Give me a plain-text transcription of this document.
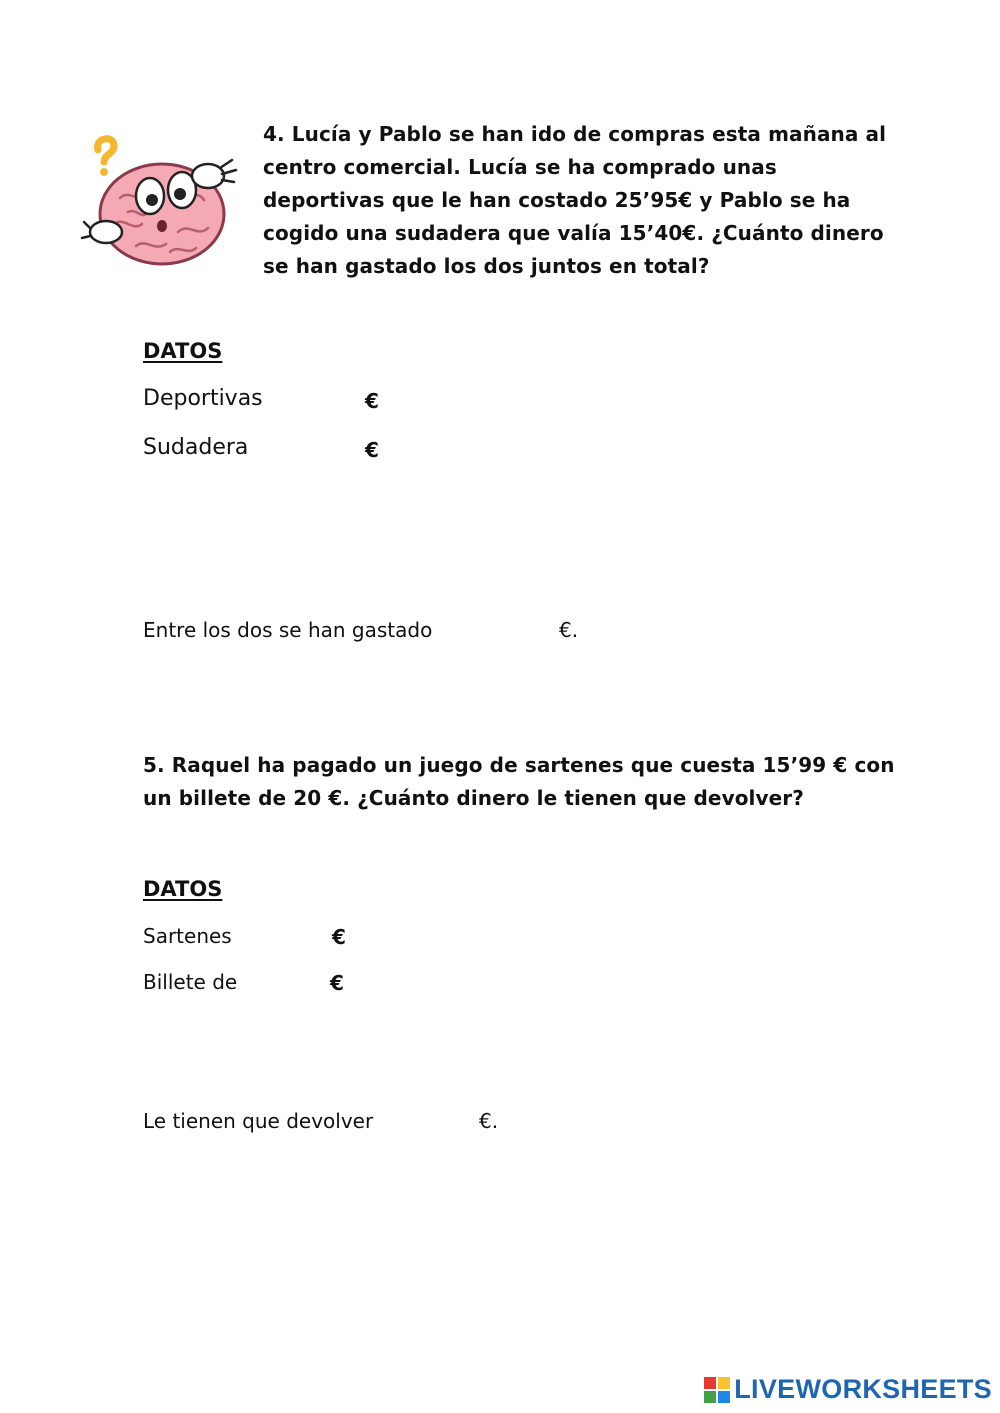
4. Lucía y Pablo se han ido de compras esta mañana al
centro comercial. Lucía se ha comprado unas
deportivas que le han costado 25’95€ y Pablo se ha
cogido una sudadera que valía 15’40€. ¿Cuánto dinero
se han gastado los dos juntos en total?
DATOS
Deportivas	€
Sudadera	€
Entre los dos se han gastado	€.
5. Raquel ha pagado un juego de sartenes que cuesta 15’99 € con
un billete de 20 €. ¿Cuánto dinero le tienen que devolver?
DATOS
Sartenes	€
Billete de	€
Le tienen que devolver	€.
LIVEWORKSHEETS
